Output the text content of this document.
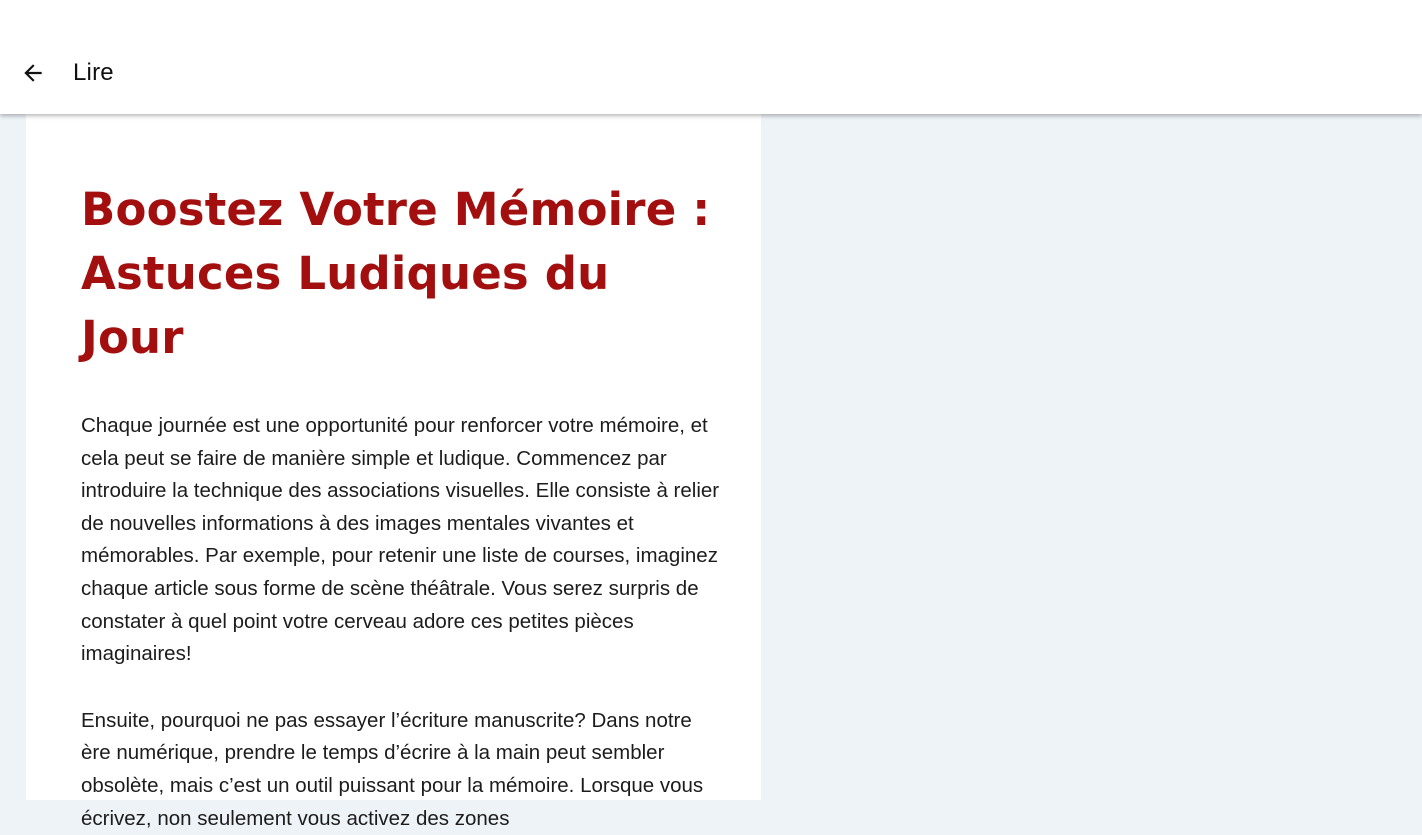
Lire
Boostez Votre Mémoire : Astuces Ludiques du Jour

Chaque journée est une opportunité pour renforcer votre mémoire, et cela peut se faire de manière simple et ludique. Commencez par introduire la technique des associations visuelles. Elle consiste à relier de nouvelles informations à des images mentales vivantes et mémorables. Par exemple, pour retenir une liste de courses, imaginez chaque article sous forme de scène théâtrale. Vous serez surpris de constater à quel point votre cerveau adore ces petites pièces imaginaires!

Ensuite, pourquoi ne pas essayer l’écriture manuscrite? Dans notre ère numérique, prendre le temps d’écrire à la main peut sembler obsolète, mais c’est un outil puissant pour la mémoire. Lorsque vous écrivez, non seulement vous activez des zones
